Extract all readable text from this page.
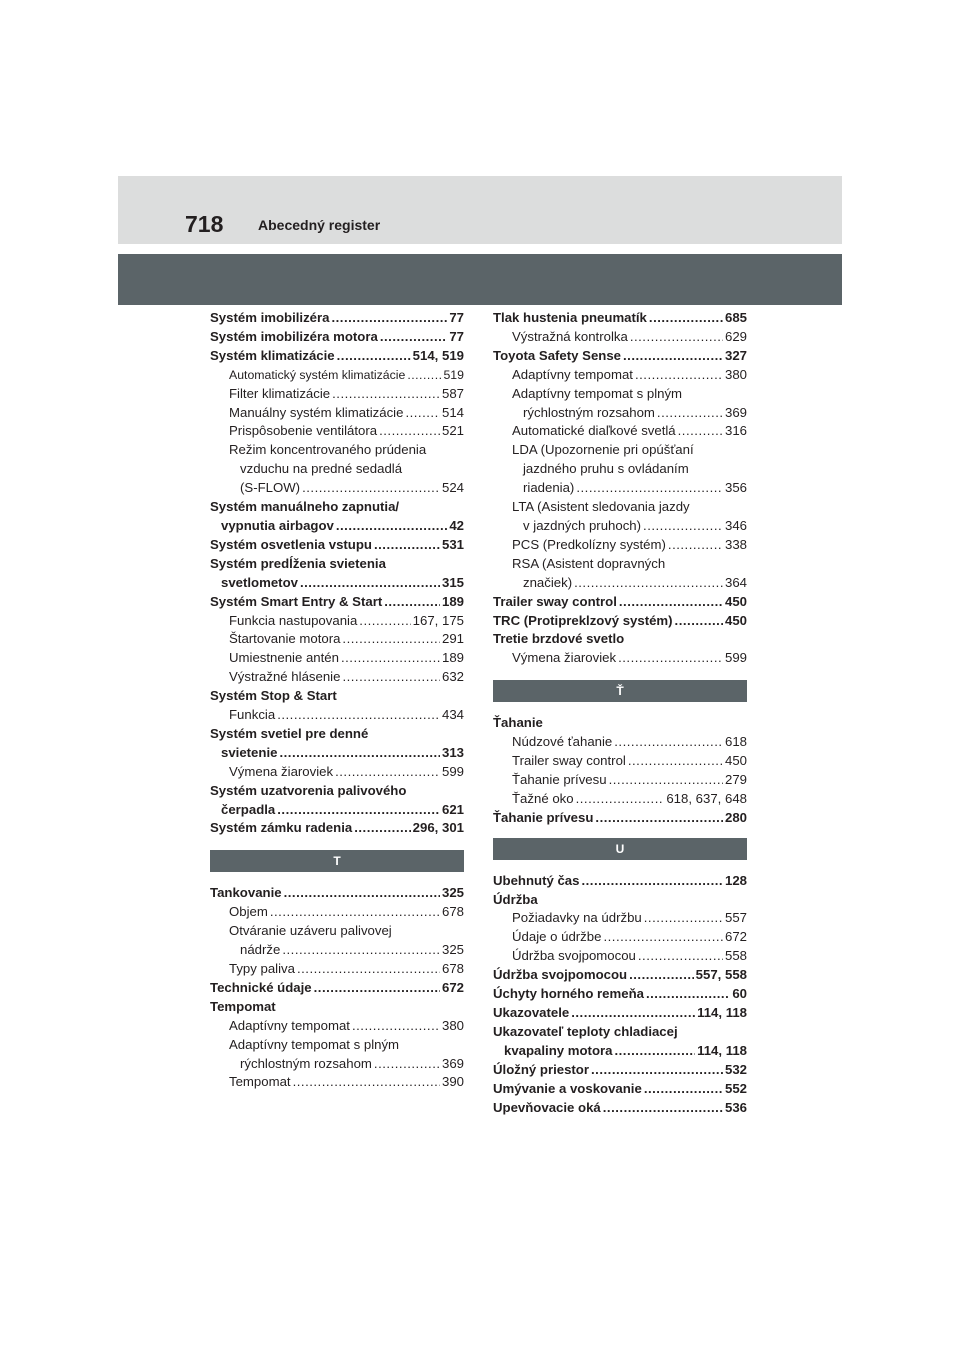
718 Abecedný register
Systém imobilizéra .....	77
Systém imobilizéra motora .....	77
Systém klimatizácie .....	514, 519
Automatický systém klimatizácie .....	519
Filter klimatizácie .....	587
Manuálny systém klimatizácie .....	514
Prispôsobenie ventilátora .....	521
Režim koncentrovaného prúdenia
vzduchu na predné sedadlá
(S-FLOW) .....	524
Systém manuálneho zapnutia/
vypnutia airbagov .....	42
Systém osvetlenia vstupu .....	531
Systém predĺženia svietenia
svetlometov .....	315
Systém Smart Entry & Start .....	189
Funkcia nastupovania .....	167, 175
Štartovanie motora .....	291
Umiestnenie antén .....	189
Výstražné hlásenie .....	632
Systém Stop & Start
Funkcia .....	434
Systém svetiel pre denné
svietenie .....	313
Výmena žiaroviek .....	599
Systém uzatvorenia palivového
čerpadla .....	621
Systém zámku radenia .....	296, 301
T
Tankovanie .....	325
Objem .....	678
Otváranie uzáveru palivovej
nádrže .....	325
Typy paliva .....	678
Technické údaje .....	672
Tempomat
Adaptívny tempomat .....	380
Adaptívny tempomat s plným
rýchlostným rozsahom .....	369
Tempomat .....	390
Tlak hustenia pneumatík .....	685
Výstražná kontrolka .....	629
Toyota Safety Sense .....	327
Adaptívny tempomat .....	380
Adaptívny tempomat s plným
rýchlostným rozsahom .....	369
Automatické diaľkové svetlá .....	316
LDA (Upozornenie pri opúšťaní
jazdného pruhu s ovládaním
riadenia) .....	356
LTA (Asistent sledovania jazdy
v jazdných pruhoch) .....	346
PCS (Predkolízny systém) .....	338
RSA (Asistent dopravných
značiek) .....	364
Trailer sway control .....	450
TRC (Protipreklzový systém) .....	450
Tretie brzdové svetlo
Výmena žiaroviek .....	599
Ť
Ťahanie
Núdzové ťahanie .....	618
Trailer sway control .....	450
Ťahanie prívesu .....	279
Ťažné oko .....	618, 637, 648
Ťahanie prívesu .....	280
U
Ubehnutý čas .....	128
Údržba
Požiadavky na údržbu .....	557
Údaje o údržbe .....	672
Údržba svojpomocou .....	558
Údržba svojpomocou .....	557, 558
Úchyty horného remeňa .....	60
Ukazovatele .....	114, 118
Ukazovateľ teploty chladiacej
kvapaliny motora .....	114, 118
Úložný priestor .....	532
Umývanie a voskovanie .....	552
Upevňovacie oká .....	536
